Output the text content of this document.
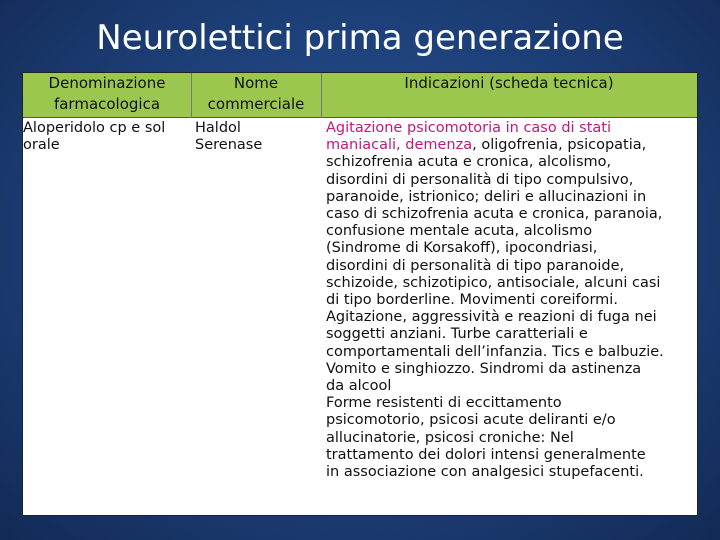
Neurolettici prima generazione
Denominazione
farmacologica
Nome
commerciale
Indicazioni (scheda tecnica)
Aloperidolo cp e sol
orale
Haldol
Serenase
Agitazione psicomotoria in caso di stati
maniacali, demenza, oligofrenia, psicopatia,
schizofrenia acuta e cronica, alcolismo,
disordini di personalità di tipo compulsivo,
paranoide, istrionico; deliri e allucinazioni in
caso di schizofrenia acuta e cronica, paranoia,
confusione mentale acuta, alcolismo
(Sindrome di Korsakoff), ipocondriasi,
disordini di personalità di tipo paranoide,
schizoide, schizotipico, antisociale, alcuni casi
di tipo borderline. Movimenti coreiformi.
Agitazione, aggressività e reazioni di fuga nei
soggetti anziani. Turbe caratteriali e
comportamentali dell’infanzia. Tics e balbuzie.
Vomito e singhiozzo. Sindromi da astinenza
da alcool
Forme resistenti di eccittamento
psicomotorio, psicosi acute deliranti e/o
allucinatorie, psicosi croniche: Nel
trattamento dei dolori intensi generalmente
in associazione con analgesici stupefacenti.
